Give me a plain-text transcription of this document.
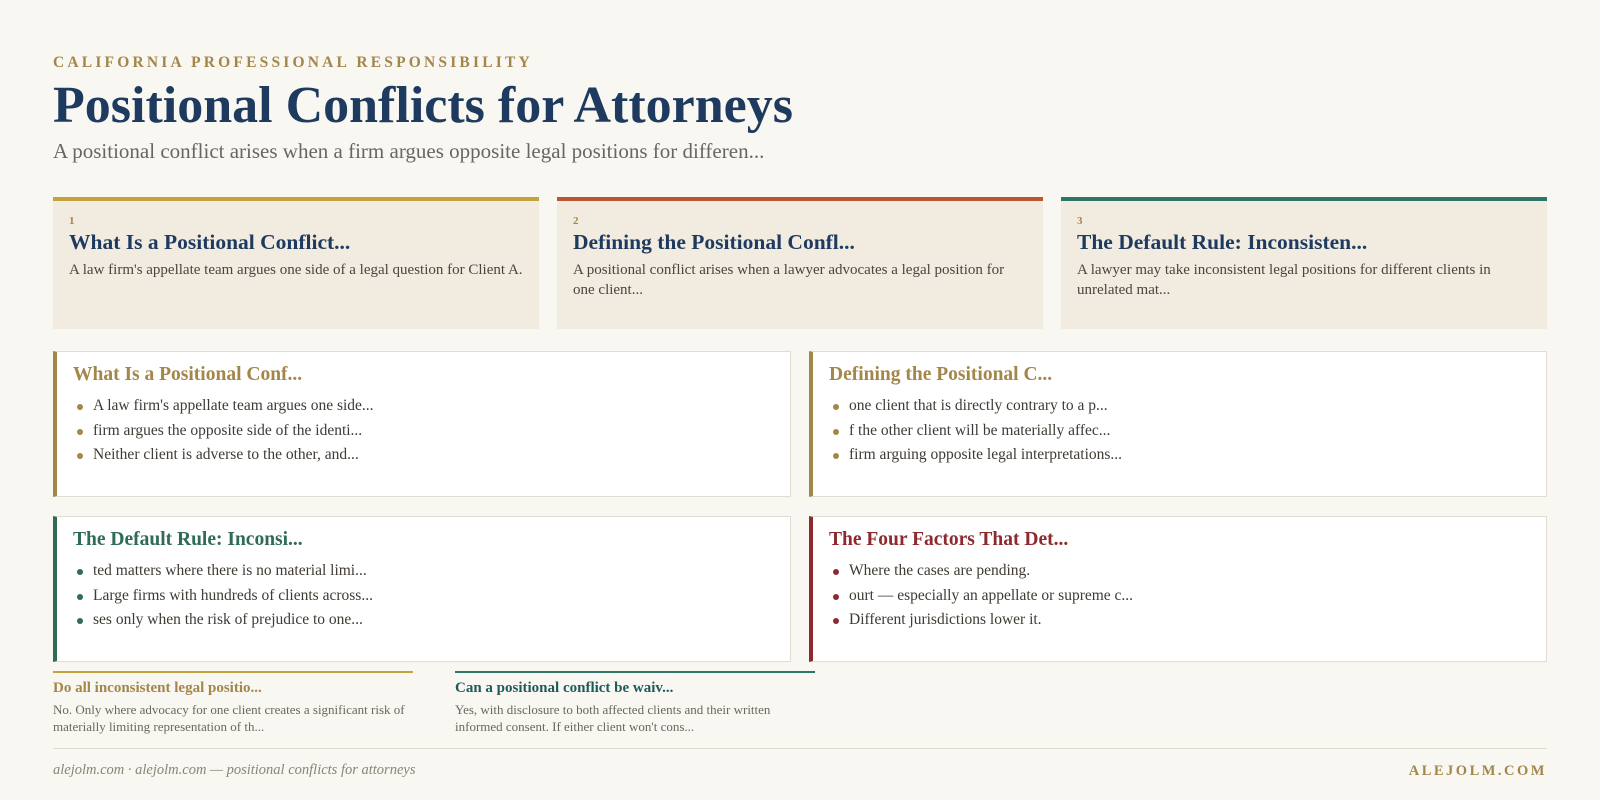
CALIFORNIA PROFESSIONAL RESPONSIBILITY
Positional Conflicts for Attorneys
A positional conflict arises when a firm argues opposite legal positions for differen...
1
What Is a Positional Conflict...
A law firm's appellate team argues one side of a legal question for Client A.
2
Defining the Positional Confl...
A positional conflict arises when a lawyer advocates a legal position for one client...
3
The Default Rule: Inconsisten...
A lawyer may take inconsistent legal positions for different clients in unrelated mat...
What Is a Positional Conf...
A law firm's appellate team argues one side...
firm argues the opposite side of the identi...
Neither client is adverse to the other, and...
Defining the Positional C...
one client that is directly contrary to a p...
f the other client will be materially affec...
firm arguing opposite legal interpretations...
The Default Rule: Inconsi...
ted matters where there is no material limi...
Large firms with hundreds of clients across...
ses only when the risk of prejudice to one...
The Four Factors That Det...
Where the cases are pending.
ourt — especially an appellate or supreme c...
Different jurisdictions lower it.
Do all inconsistent legal positio...
No. Only where advocacy for one client creates a significant risk of materially limiting representation of th...
Can a positional conflict be waiv...
Yes, with disclosure to both affected clients and their written informed consent. If either client won't cons...
alejolm.com · alejolm.com — positional conflicts for attorneys	ALEJOLM.COM
